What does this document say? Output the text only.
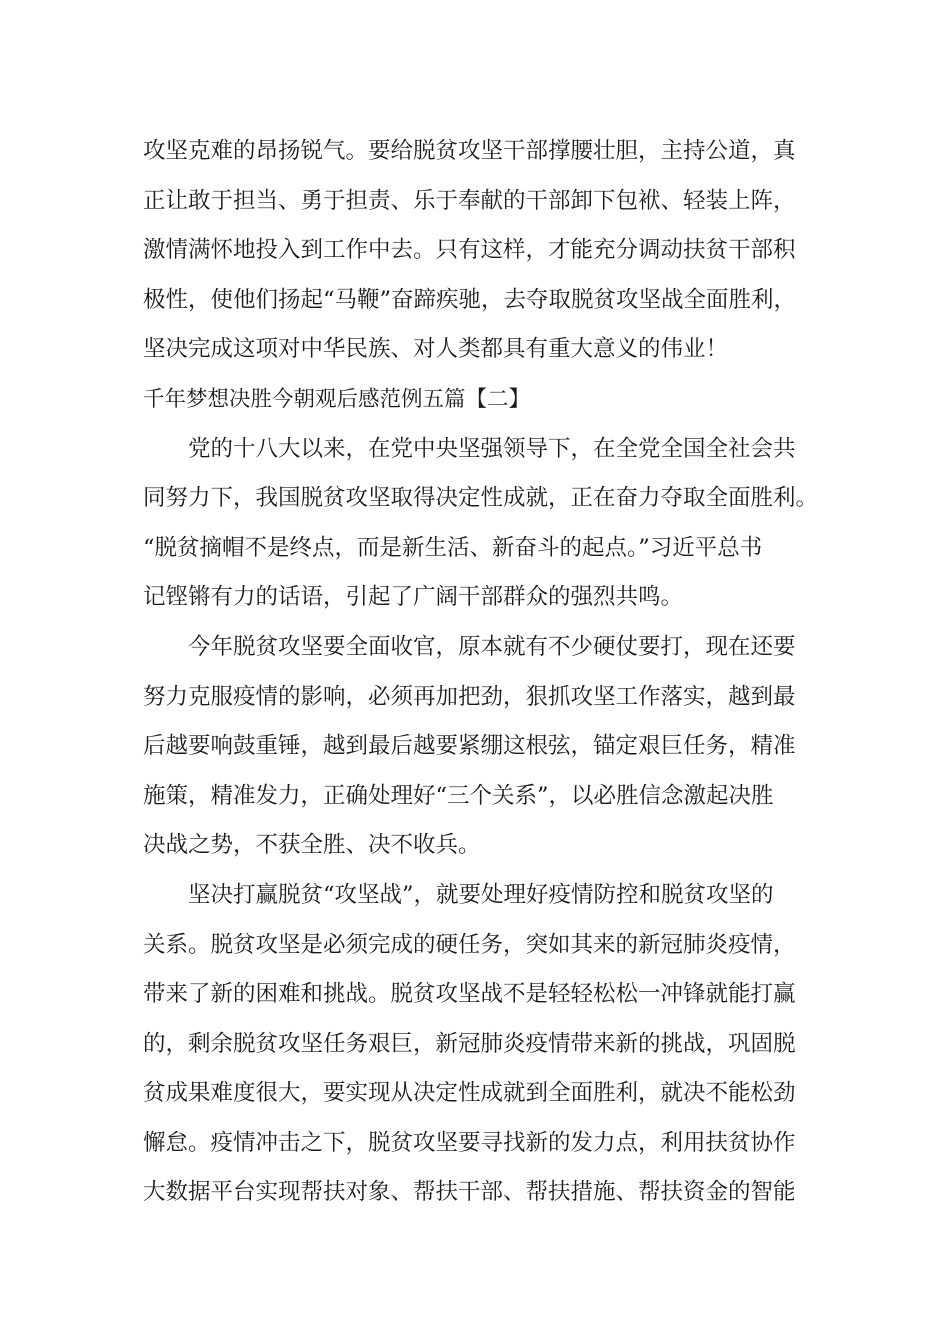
攻坚克难的昂扬锐气。要给脱贫攻坚干部撑腰壮胆，主持公道，真
正让敢于担当、勇于担责、乐于奉献的干部卸下包袱、轻装上阵，
激情满怀地投入到工作中去。只有这样，才能充分调动扶贫干部积
极性，使他们扬起“马鞭”奋蹄疾驰，去夺取脱贫攻坚战全面胜利，
坚决完成这项对中华民族、对人类都具有重大意义的伟业！
千年梦想决胜今朝观后感范例五篇【二】
　　党的十八大以来，在党中央坚强领导下，在全党全国全社会共
同努力下，我国脱贫攻坚取得决定性成就，正在奋力夺取全面胜利。
“脱贫摘帽不是终点，而是新生活、新奋斗的起点。”习近平总书
记铿锵有力的话语，引起了广阔干部群众的强烈共鸣。
　　今年脱贫攻坚要全面收官，原本就有不少硬仗要打，现在还要
努力克服疫情的影响，必须再加把劲，狠抓攻坚工作落实，越到最
后越要响鼓重锤，越到最后越要紧绷这根弦，锚定艰巨任务，精准
施策，精准发力，正确处理好“三个关系”，以必胜信念激起决胜
决战之势，不获全胜、决不收兵。
　　坚决打赢脱贫“攻坚战”，就要处理好疫情防控和脱贫攻坚的
关系。脱贫攻坚是必须完成的硬任务，突如其来的新冠肺炎疫情，
带来了新的困难和挑战。脱贫攻坚战不是轻轻松松一冲锋就能打赢
的，剩余脱贫攻坚任务艰巨，新冠肺炎疫情带来新的挑战，巩固脱
贫成果难度很大，要实现从决定性成就到全面胜利，就决不能松劲
懈怠。疫情冲击之下，脱贫攻坚要寻找新的发力点，利用扶贫协作
大数据平台实现帮扶对象、帮扶干部、帮扶措施、帮扶资金的智能
